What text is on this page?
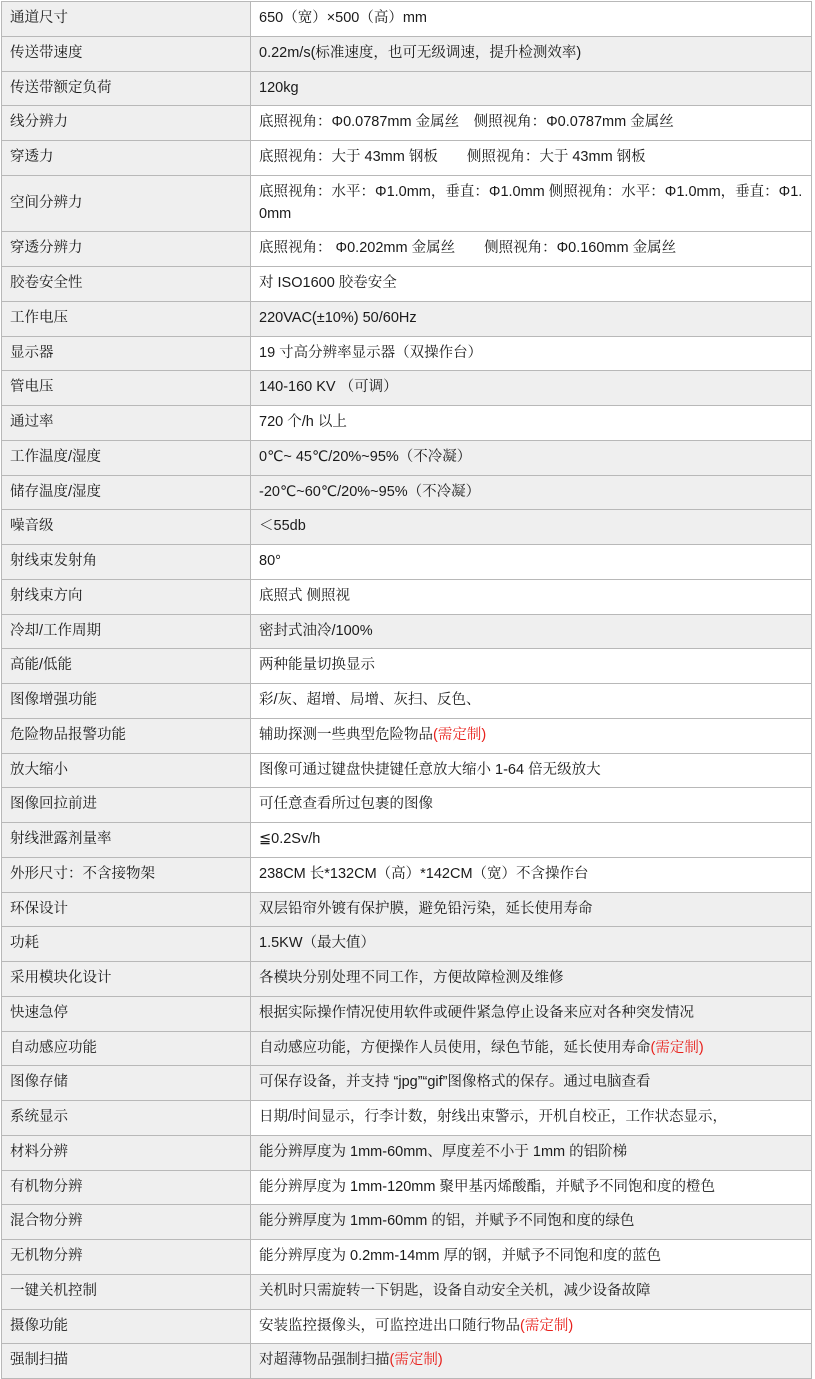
通道尺寸	650（宽）×500（高）mm

传送带速度	0.22m/s(标准速度，也可无级调速，提升检测效率)

传送带额定负荷	120kg

线分辨力	底照视角：Φ0.0787mm 金属丝　侧照视角：Φ0.0787mm 金属丝

穿透力	底照视角：大于 43mm 钢板　　侧照视角：大于 43mm 钢板

空间分辨力	底照视角：水平：Φ1.0mm，垂直：Φ1.0mm 侧照视角：水平：Φ1.0mm，垂直：Φ1.0mm

穿透分辨力	底照视角： Φ0.202mm 金属丝　　侧照视角：Φ0.160mm 金属丝

胶卷安全性	对 ISO1600 胶卷安全

工作电压	220VAC(±10%) 50/60Hz

显示器	19 寸高分辨率显示器（双操作台）

管电压	140-160 KV （可调）

通过率	720 个/h 以上

工作温度/湿度	0℃~ 45℃/20%~95%（不冷凝）

储存温度/湿度	-20℃~60℃/20%~95%（不冷凝）

噪音级	＜55db

射线束发射角	80°

射线束方向	底照式 侧照视

冷却/工作周期	密封式油冷/100%

高能/低能	两种能量切换显示

图像增强功能	彩/灰、超增、局增、灰扫、反色、

危险物品报警功能	辅助探测一些典型危险物品(需定制)
放大缩小	图像可通过键盘快捷键任意放大缩小 1-64 倍无级放大

图像回拉前进	可任意查看所过包裹的图像

射线泄露剂量率	≦0.2Sv/h

外形尺寸：不含接物架	238CM 长*132CM（高）*142CM（宽）不含操作台

环保设计	双层铅帘外镀有保护膜，避免铅污染，延长使用寿命

功耗	1.5KW（最大值）

采用模块化设计	各模块分别处理不同工作，方便故障检测及维修

快速急停	根据实际操作情况使用软件或硬件紧急停止设备来应对各种突发情况

自动感应功能	自动感应功能，方便操作人员使用，绿色节能，延长使用寿命(需定制)
图像存储	可保存设备，并支持 “jpg”“gif”图像格式的保存。通过电脑查看

系统显示	日期/时间显示，行李计数，射线出束警示，开机自校正，工作状态显示，

材料分辨	能分辨厚度为 1mm-60mm、厚度差不小于 1mm 的铝阶梯

有机物分辨	能分辨厚度为 1mm-120mm 聚甲基丙烯酸酯，并赋予不同饱和度的橙色

混合物分辨	能分辨厚度为 1mm-60mm 的铝，并赋予不同饱和度的绿色

无机物分辨	能分辨厚度为 0.2mm-14mm 厚的钢，并赋予不同饱和度的蓝色

一键关机控制	关机时只需旋转一下钥匙，设备自动安全关机，减少设备故障

摄像功能	安装监控摄像头，可监控进出口随行物品(需定制)
强制扫描	对超薄物品强制扫描(需定制)
